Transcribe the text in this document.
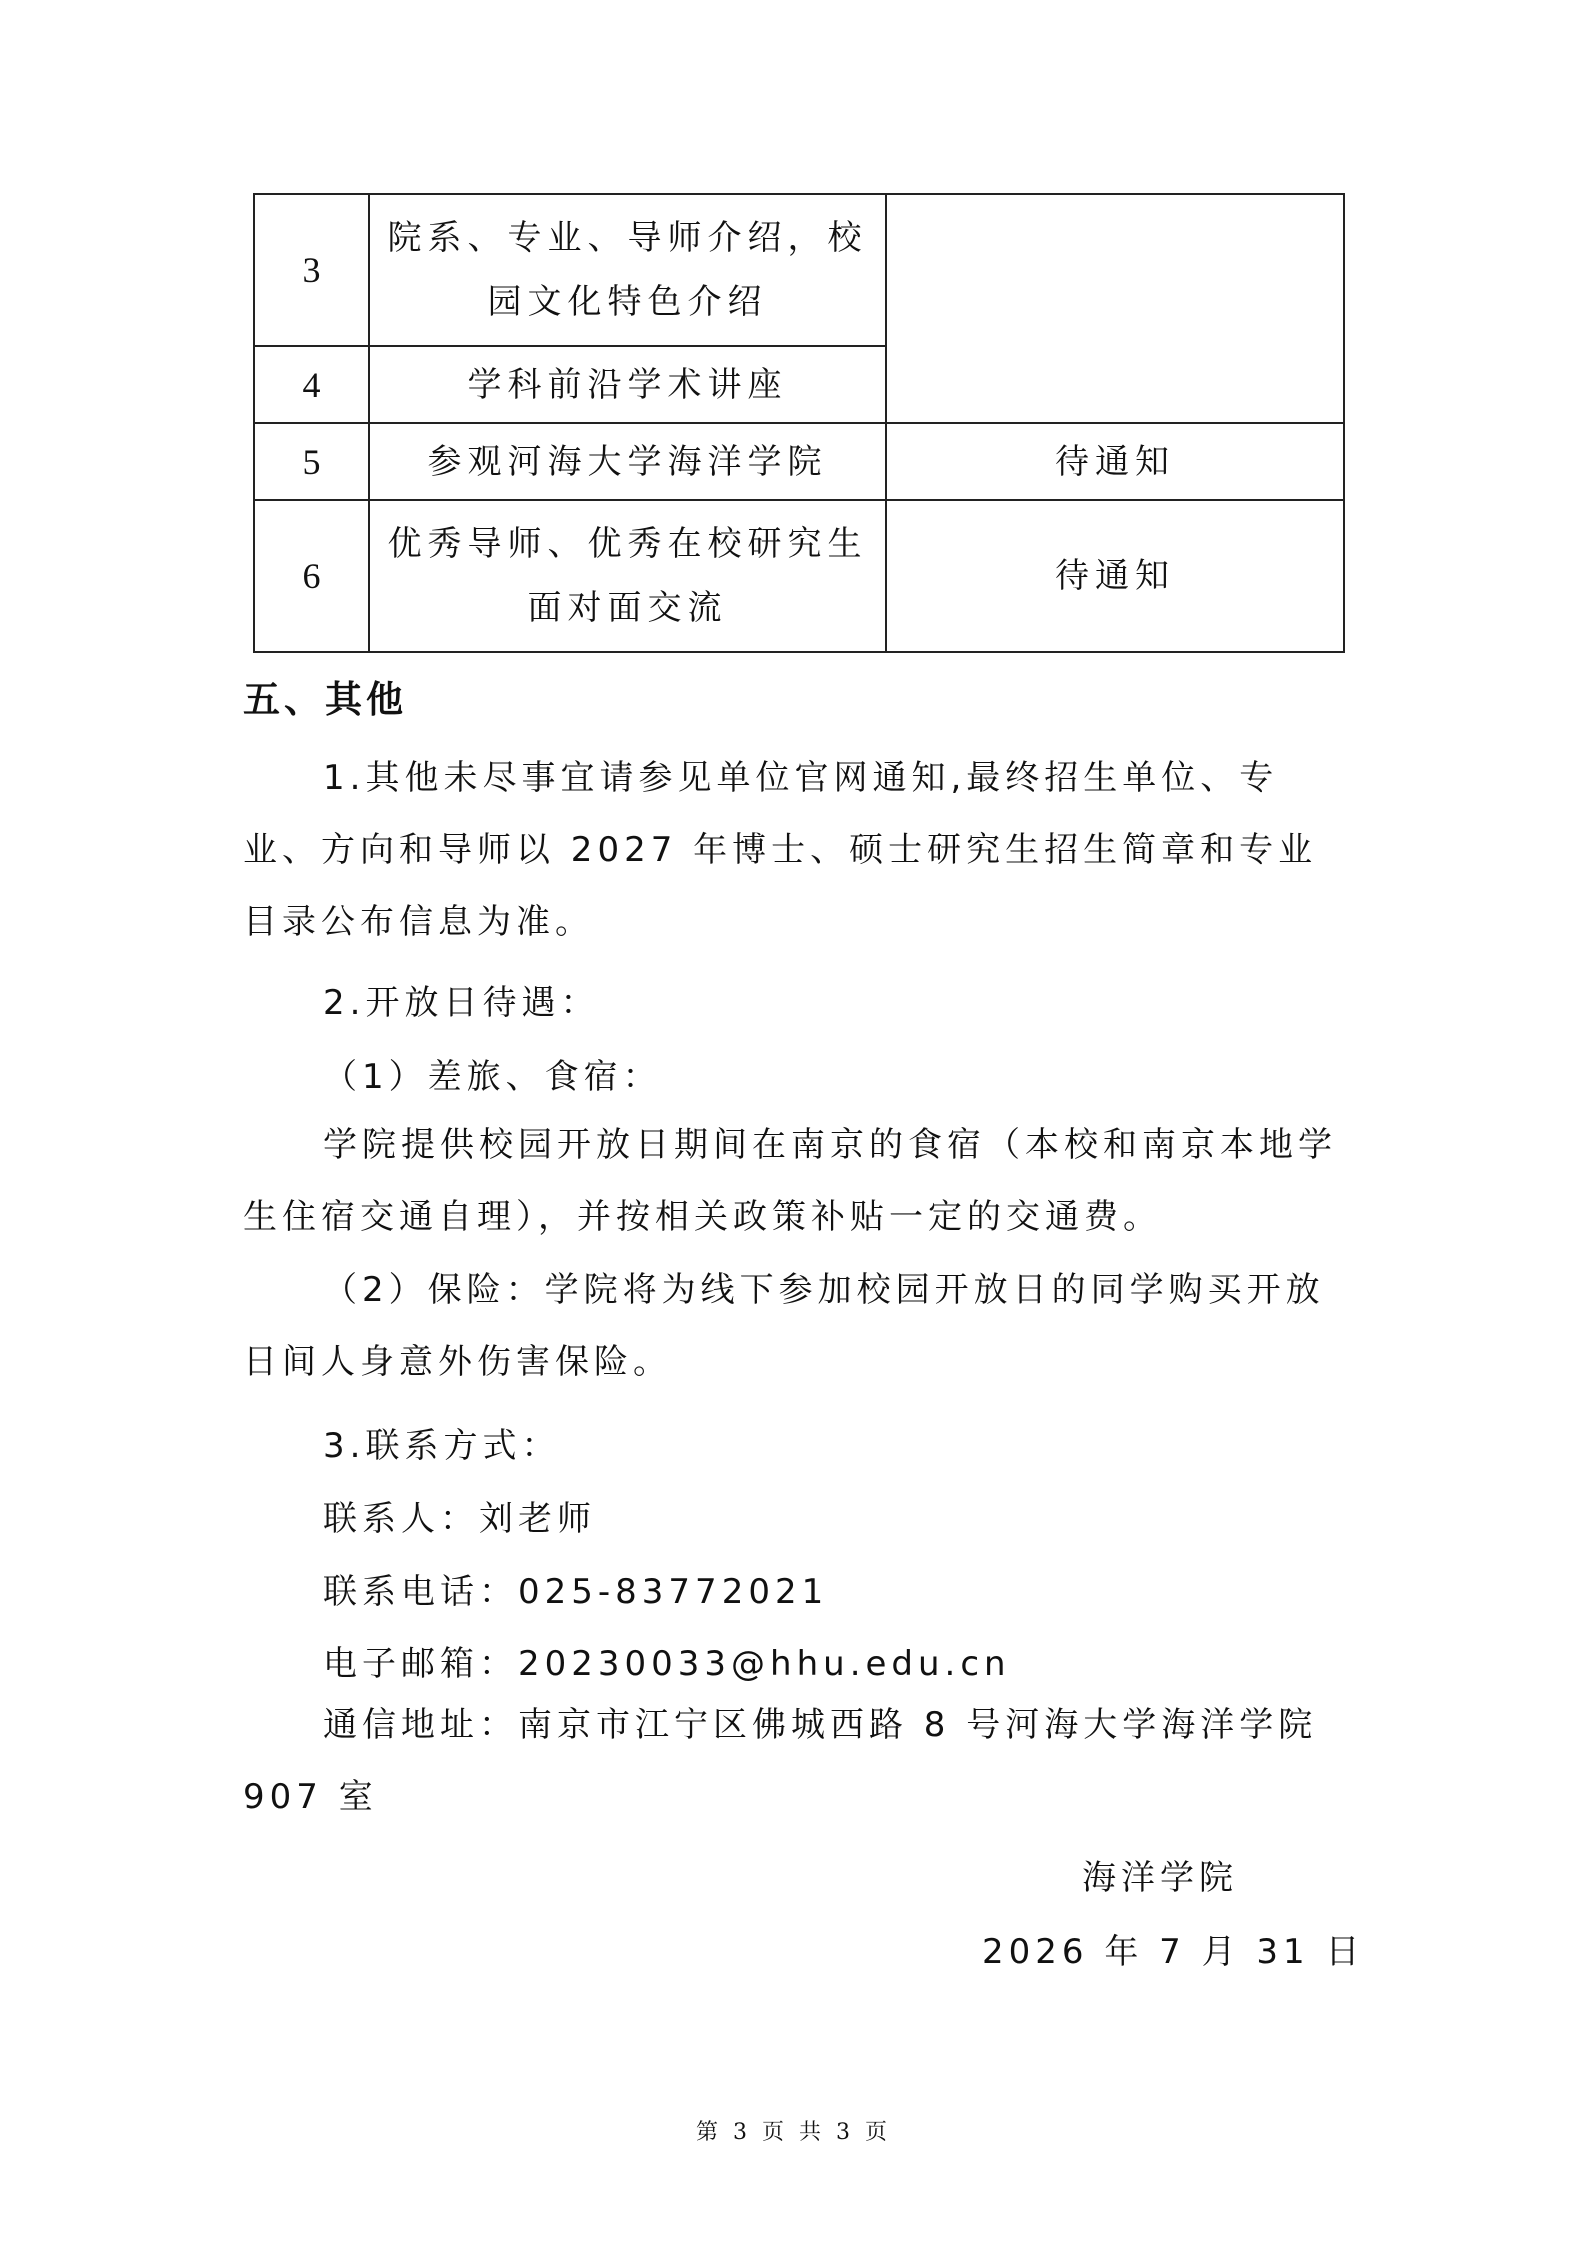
3	院系、专业、导师介绍，校
园文化特色介绍	

4	学科前沿学术讲座	

5	参观河海大学海洋学院	待通知
6	优秀导师、优秀在校研究生
面对面交流	待通知
五、其他

1.其他未尽事宜请参见单位官网通知,最终招生单位、专业、方向和导师以 2027 年博士、硕士研究生招生简章和专业目录公布信息为准。

2.开放日待遇：

（1）差旅、食宿：

学院提供校园开放日期间在南京的食宿（本校和南京本地学生住宿交通自理），并按相关政策补贴一定的交通费。

（2）保险：学院将为线下参加校园开放日的同学购买开放日间人身意外伤害保险。

3.联系方式：

联系人：刘老师

联系电话：025-83772021

电子邮箱：20230033@hhu.edu.cn

通信地址：南京市江宁区佛城西路 8 号河海大学海洋学院 907 室

海洋学院
2026 年 7 月 31 日
第 3 页 共 3 页
